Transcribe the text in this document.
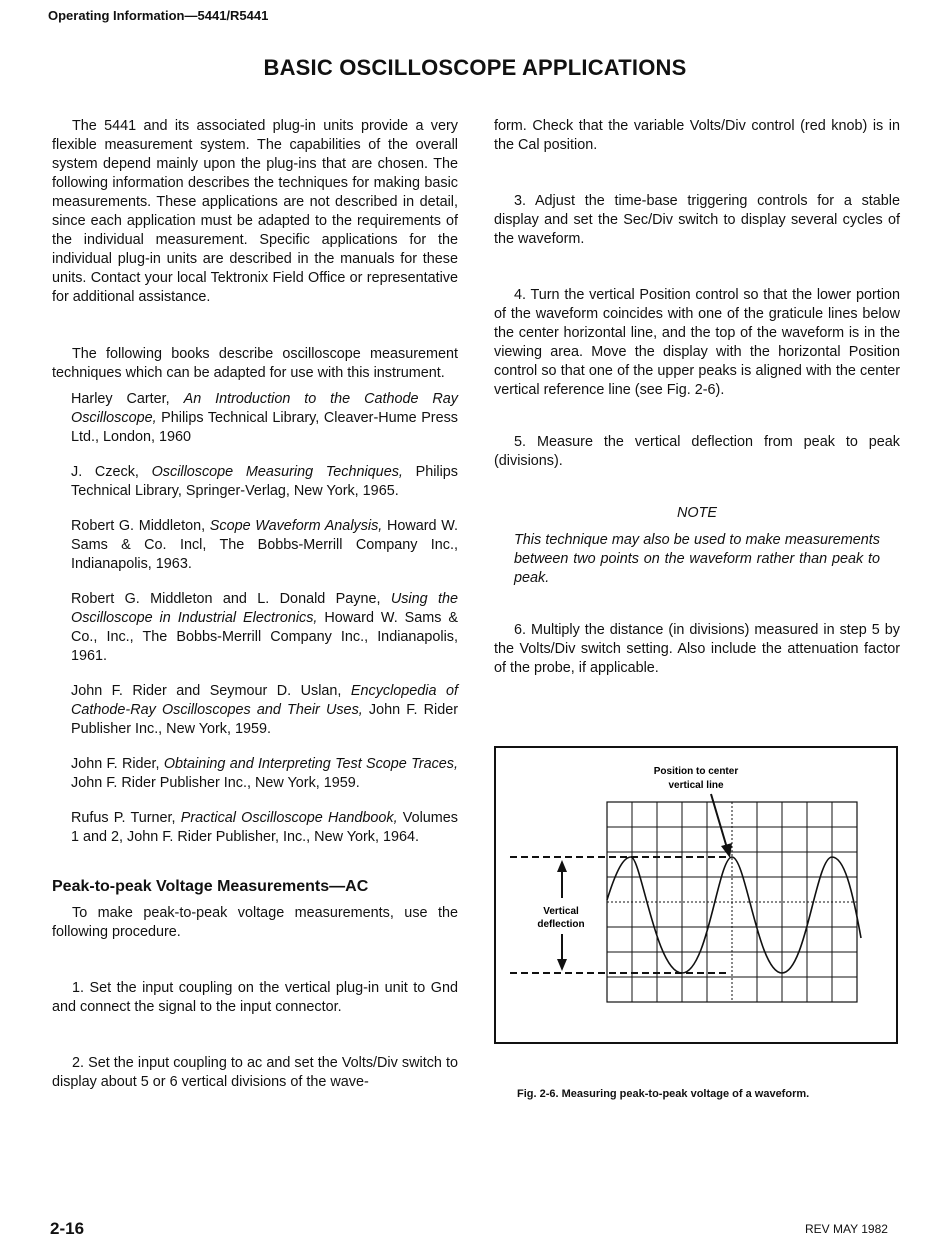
Operating Information—5441/R5441
BASIC OSCILLOSCOPE APPLICATIONS

The 5441 and its associated plug-in units provide a very flexible measurement system. The capabilities of the overall system depend mainly upon the plug-ins that are chosen. The following information describes the techniques for making basic measurements. These applications are not described in detail, since each application must be adapted to the requirements of the individual measurement. Specific applications for the individual plug-in units are described in the manuals for these units. Contact your local Tektronix Field Office or representative for additional assistance.

The following books describe oscilloscope measurement techniques which can be adapted for use with this instrument.

Harley Carter, An Introduction to the Cathode Ray Oscilloscope, Philips Technical Library, Cleaver-Hume Press Ltd., London, 1960

J. Czeck, Oscilloscope Measuring Techniques, Philips Technical Library, Springer-Verlag, New York, 1965.

Robert G. Middleton, Scope Waveform Analysis, Howard W. Sams & Co. Incl, The Bobbs-Merrill Company Inc., Indianapolis, 1963.

Robert G. Middleton and L. Donald Payne, Using the Oscilloscope in Industrial Electronics, Howard W. Sams & Co., Inc., The Bobbs-Merrill Company Inc., Indianapolis, 1961.

John F. Rider and Seymour D. Uslan, Encyclopedia of Cathode-Ray Oscilloscopes and Their Uses, John F. Rider Publisher Inc., New York, 1959.

John F. Rider, Obtaining and Interpreting Test Scope Traces, John F. Rider Publisher Inc., New York, 1959.

Rufus P. Turner, Practical Oscilloscope Handbook, Volumes 1 and 2, John F. Rider Publisher, Inc., New York, 1964.

Peak-to-peak Voltage Measurements—AC

To make peak-to-peak voltage measurements, use the following procedure.

1. Set the input coupling on the vertical plug-in unit to Gnd and connect the signal to the input connector.

2. Set the input coupling to ac and set the Volts/Div switch to display about 5 or 6 vertical divisions of the wave-

form. Check that the variable Volts/Div control (red knob) is in the Cal position.

3. Adjust the time-base triggering controls for a stable display and set the Sec/Div switch to display several cycles of the waveform.

4. Turn the vertical Position control so that the lower portion of the waveform coincides with one of the graticule lines below the center horizontal line, and the top of the waveform is in the viewing area. Move the display with the horizontal Position control so that one of the upper peaks is aligned with the center vertical reference line (see Fig. 2-6).

5. Measure the vertical deflection from peak to peak (divisions).

NOTE

This technique may also be used to make measurements between two points on the waveform rather than peak to peak.

6. Multiply the distance (in divisions) measured in step 5 by the Volts/Div switch setting. Also include the attenuation factor of the probe, if applicable.

Position to center
vertical line
Vertical
deflection
Fig. 2-6. Measuring peak-to-peak voltage of a waveform.
2-16	REV MAY 1982
